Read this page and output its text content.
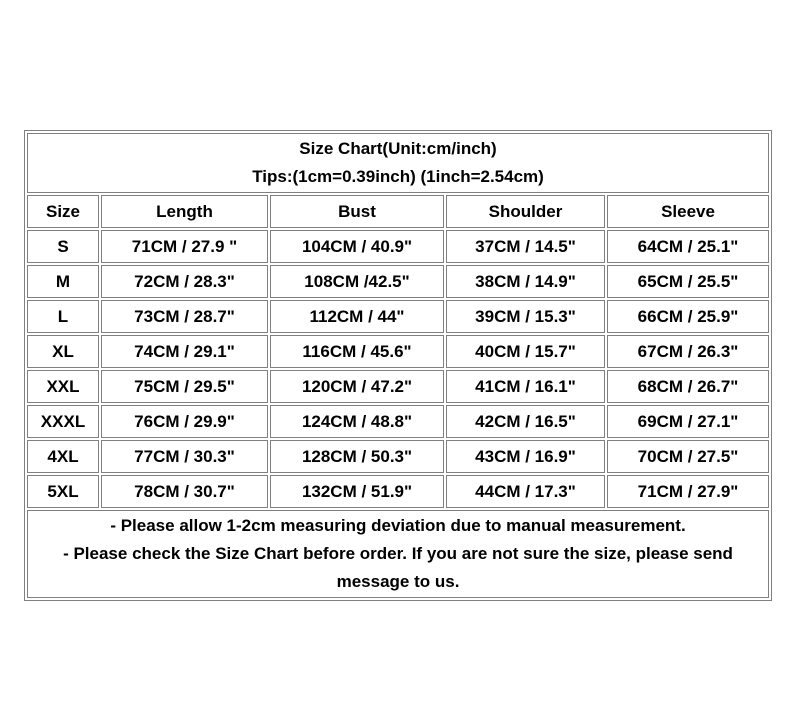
Size Chart(Unit:cm/inch)
Tips:(1cm=0.39inch) (1inch=2.54cm)				

Size	Length	Bust	Shoulder	Sleeve
S	71CM / 27.9 "	104CM / 40.9"	37CM / 14.5"	64CM / 25.1"
M	72CM / 28.3"	108CM /42.5"	38CM / 14.9"	65CM / 25.5"
L	73CM / 28.7"	112CM / 44"	39CM / 15.3"	66CM / 25.9"
XL	74CM / 29.1"	116CM / 45.6"	40CM / 15.7"	67CM / 26.3"
XXL	75CM / 29.5"	120CM / 47.2"	41CM / 16.1"	68CM / 26.7"
XXXL	76CM / 29.9"	124CM / 48.8"	42CM / 16.5"	69CM / 27.1"
4XL	77CM / 30.3"	128CM / 50.3"	43CM / 16.9"	70CM / 27.5"
5XL	78CM / 30.7"	132CM / 51.9"	44CM / 17.3"	71CM / 27.9"

- Please allow 1-2cm measuring deviation due to manual measurement.
- Please check the Size Chart before order. If you are not sure the size, please send message to us.				
